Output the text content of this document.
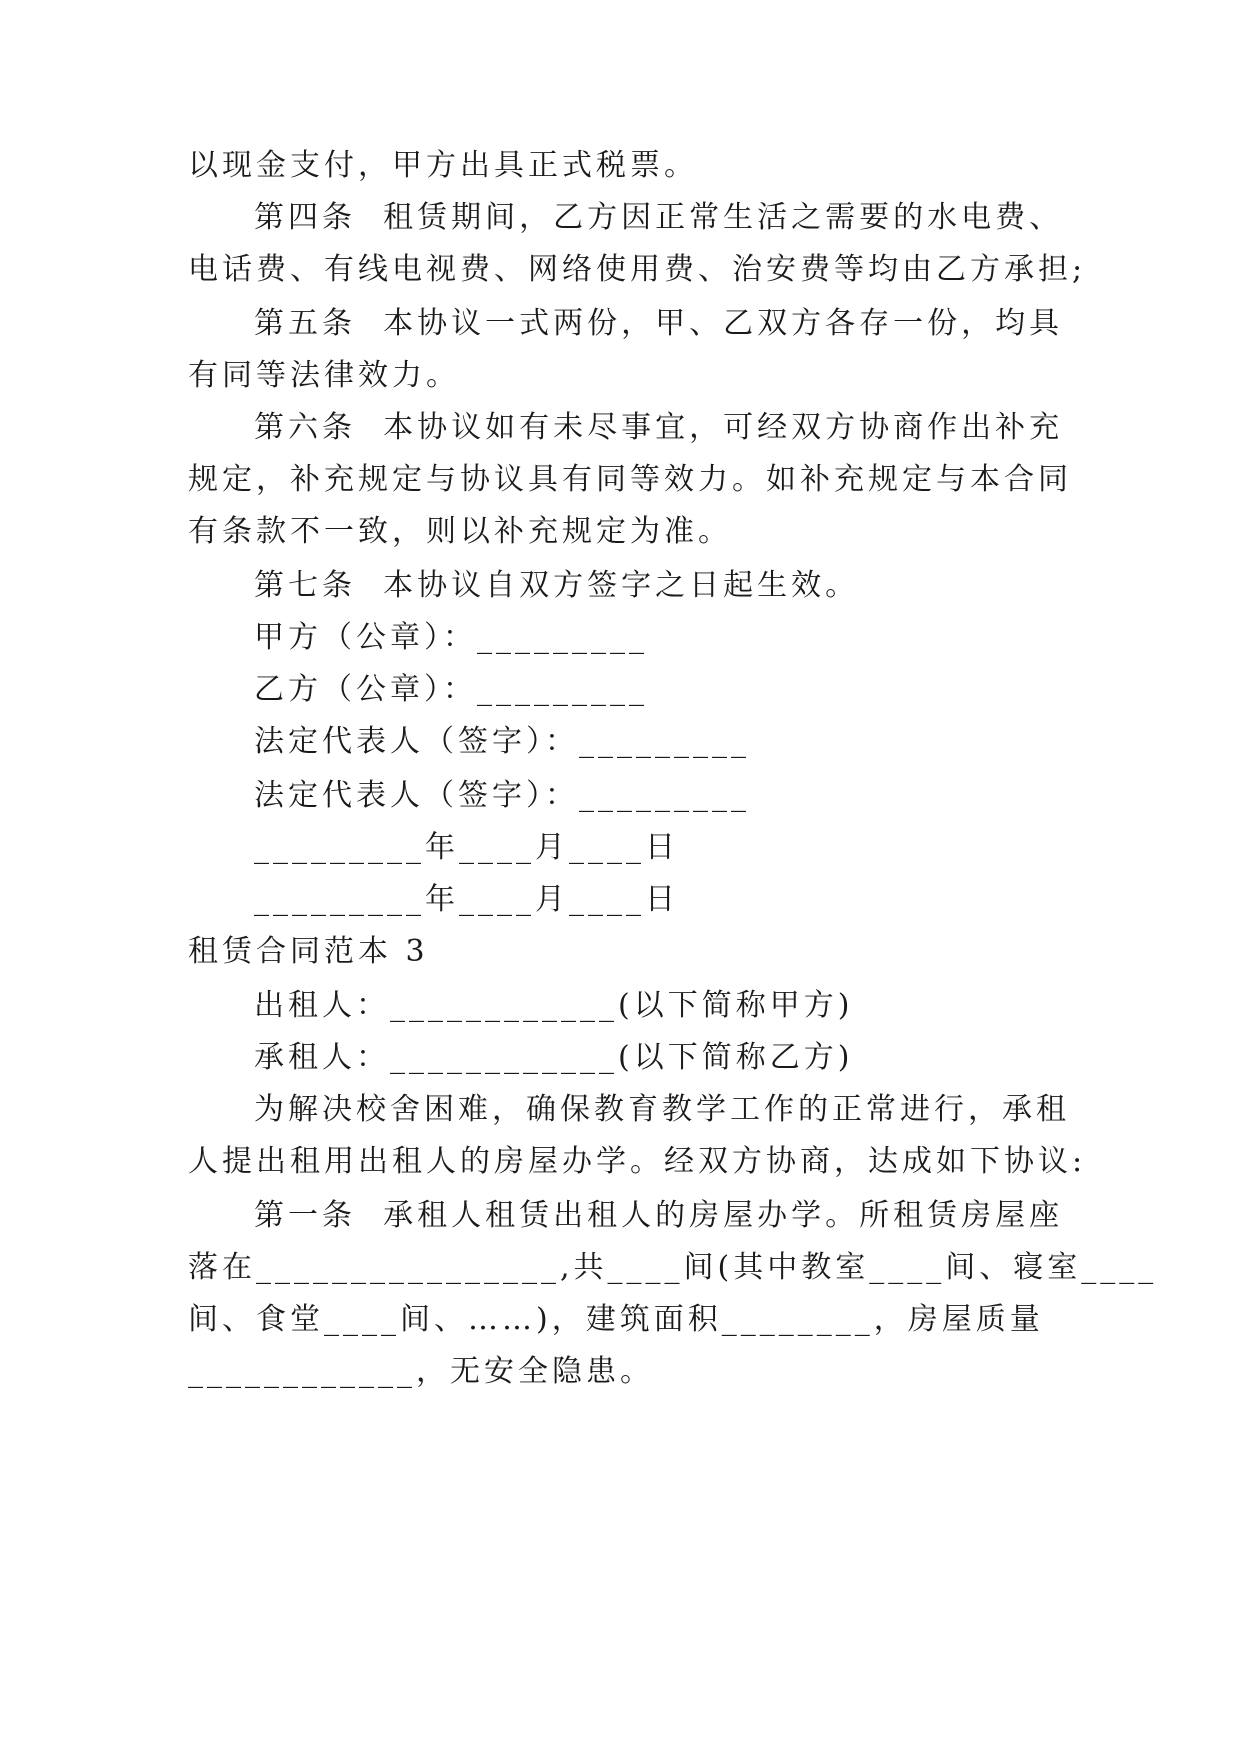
以现金支付，甲方出具正式税票。
第四条  租赁期间，乙方因正常生活之需要的水电费、
电话费、有线电视费、网络使用费、治安费等均由乙方承担;
第五条  本协议一式两份，甲、乙双方各存一份，均具
有同等法律效力。
第六条  本协议如有未尽事宜，可经双方协商作出补充
规定，补充规定与协议具有同等效力。如补充规定与本合同
有条款不一致，则以补充规定为准。
第七条  本协议自双方签字之日起生效。
甲方（公章）：_________
乙方（公章）：_________
法定代表人（签字）：_________
法定代表人（签字）：_________
_________年____月____日
_________年____月____日
租赁合同范本 3
出租人：____________(以下简称甲方)
承租人：____________(以下简称乙方)
为解决校舍困难，确保教育教学工作的正常进行，承租
人提出租用出租人的房屋办学。经双方协商，达成如下协议:
第一条  承租人租赁出租人的房屋办学。所租赁房屋座
落在________________,共____间(其中教室____间、寝室____
间、食堂____间、……)，建筑面积________，房屋质量
____________，无安全隐患。
